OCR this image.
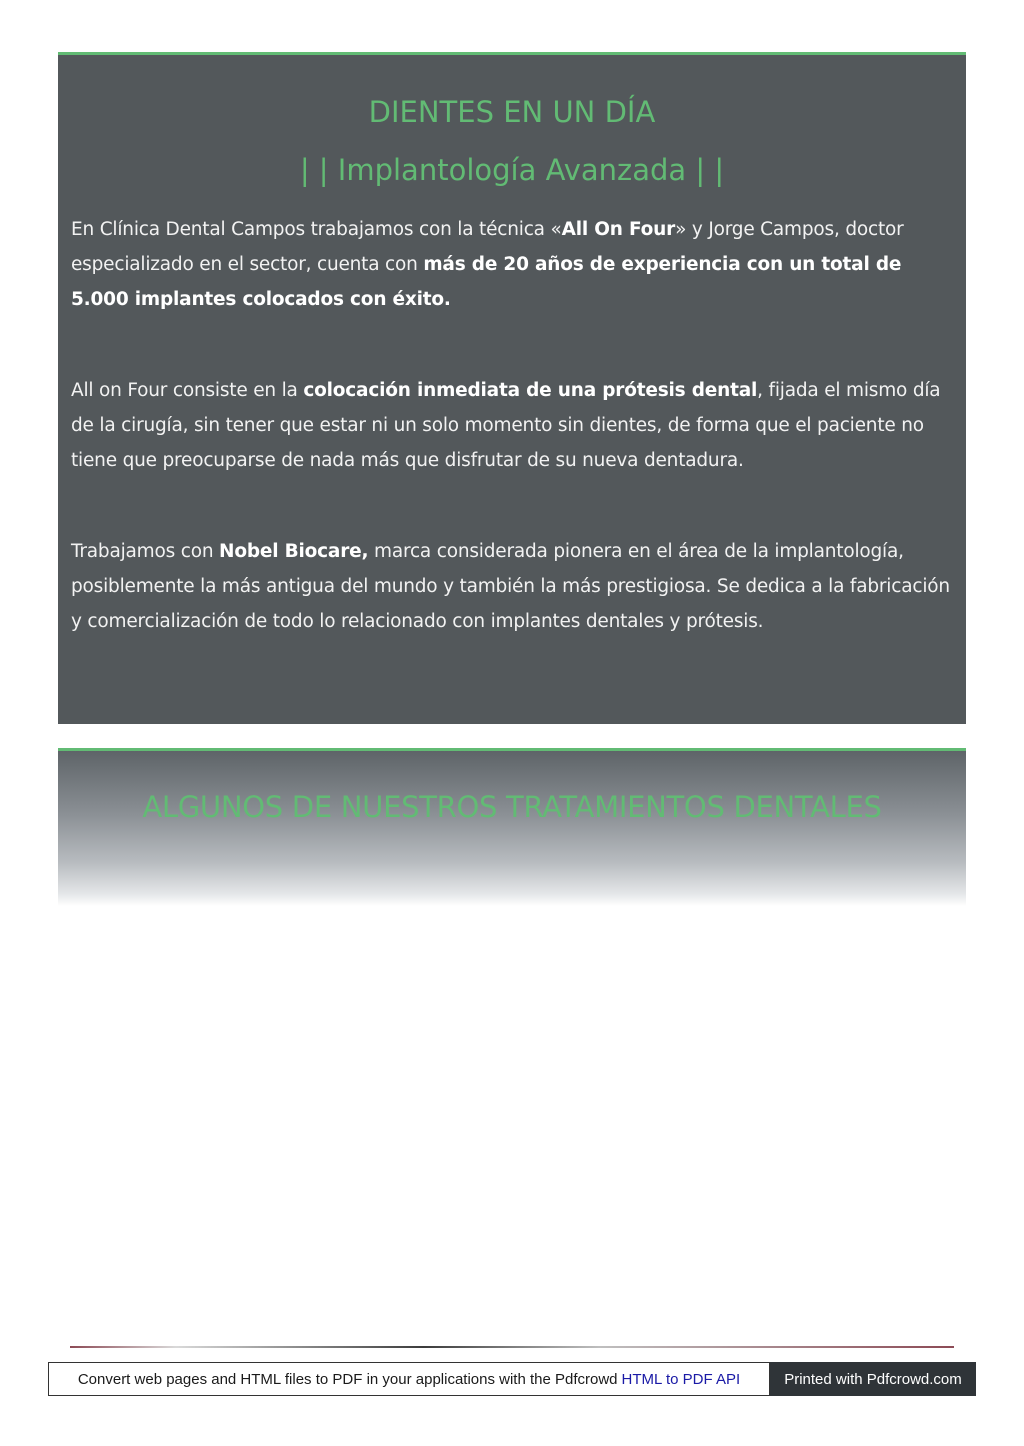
DIENTES EN UN DÍA
| | Implantología Avanzada | |

En Clínica Dental Campos trabajamos con la técnica «All On Four» y Jorge Campos, doctor especializado en el sector, cuenta con más de 20 años de experiencia con un total de 5.000 implantes colocados con éxito.

All on Four consiste en la colocación inmediata de una prótesis dental, fijada el mismo día de la cirugía, sin tener que estar ni un solo momento sin dientes, de forma que el paciente no tiene que preocuparse de nada más que disfrutar de su nueva dentadura.

Trabajamos con Nobel Biocare, marca considerada pionera en el área de la implantología, posiblemente la más antigua del mundo y también la más prestigiosa. Se dedica a la fabricación y comercialización de todo lo relacionado con implantes dentales y prótesis.

ALGUNOS DE NUESTROS TRATAMIENTOS DENTALES
Convert web pages and HTML files to PDF in your applications with the Pdfcrowd HTML to PDF API	Printed with Pdfcrowd.com
